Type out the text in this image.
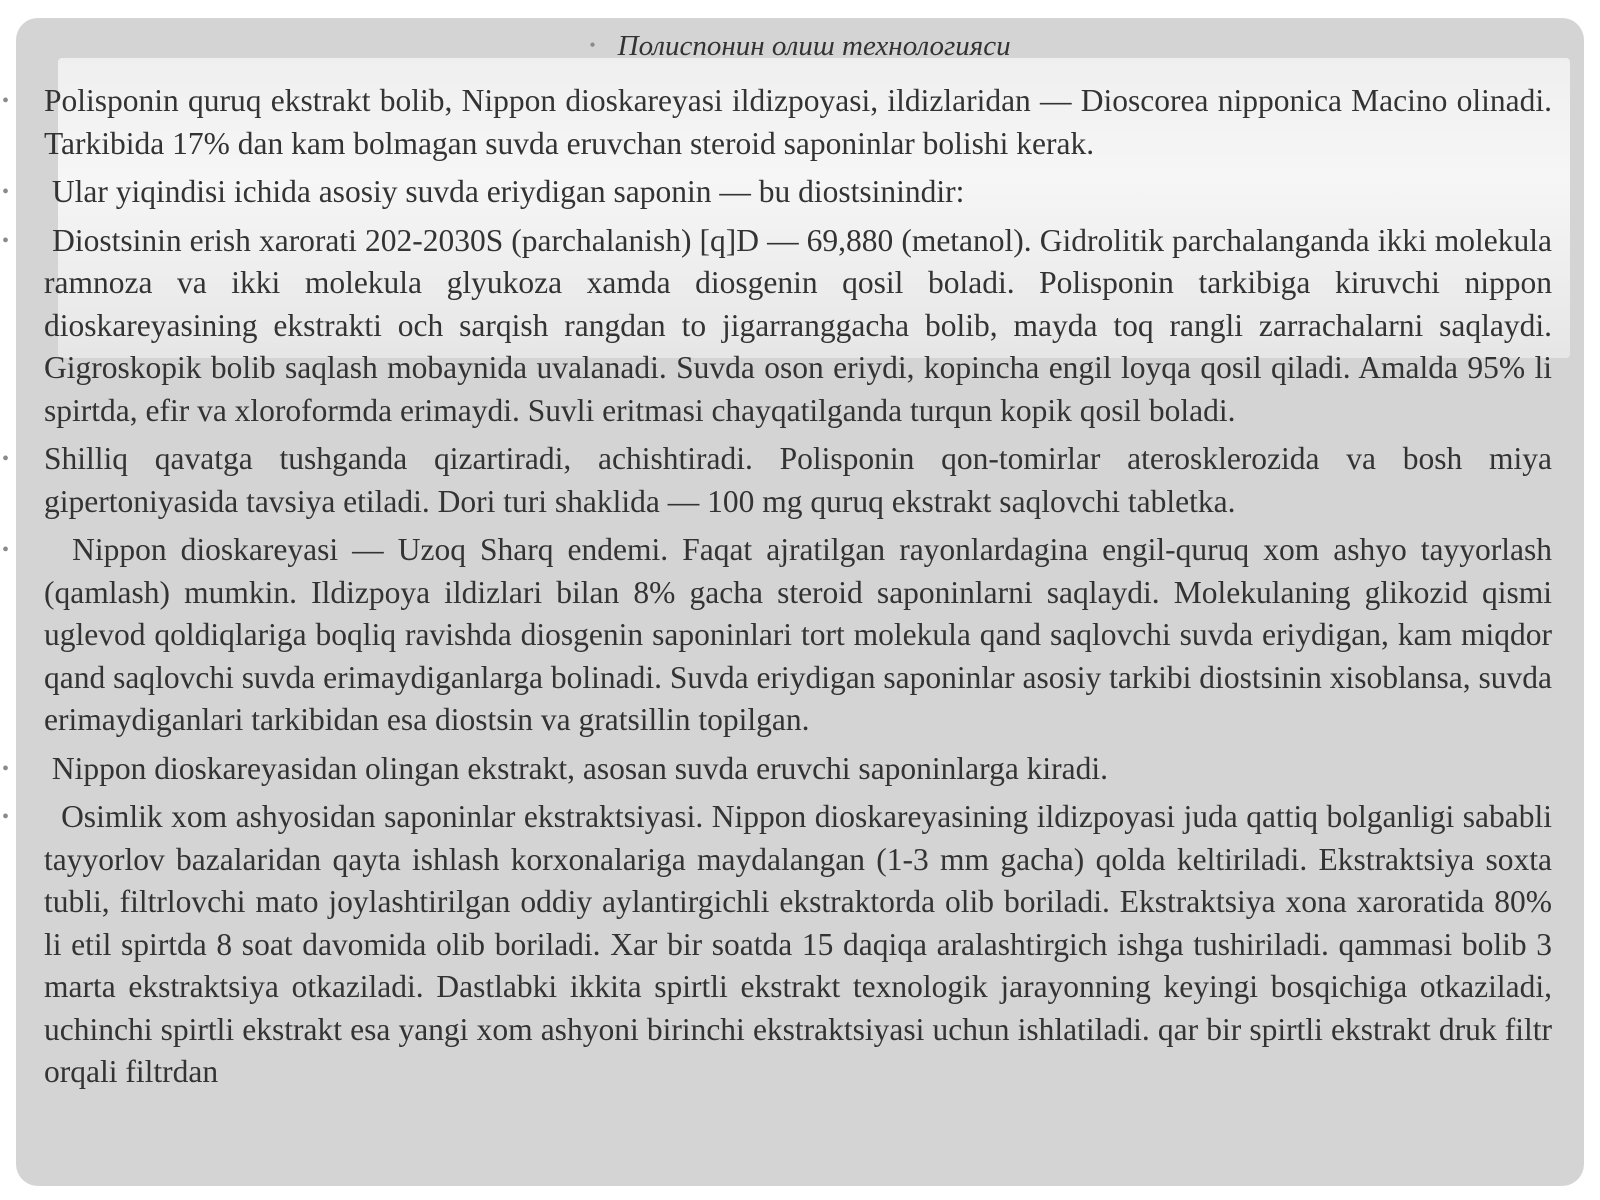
• Полиспонин олиш технологияси
• Polisponin quruq ekstrakt bolib, Nippon dioskareyasi ildizpoyasi, ildizlaridan — Dioscorea nipponica Macino olinadi. Tarkibida 17% dan kam bolmagan suvda eruvchan steroid saponinlar bolishi kerak.
• Ular yiqindisi ichida asosiy suvda eriydigan saponin — bu diostsinindir:
• Diostsinin erish xarorati 202-2030S (parchalanish) [q]D — 69,880 (metanol). Gidrolitik parchalanganda ikki molekula ramnoza va ikki molekula glyukoza xamda diosgenin qosil boladi. Polisponin tarkibiga kiruvchi nippon dioskareyasining ekstrakti och sarqish rangdan to jigarranggacha bolib, mayda toq rangli zarrachalarni saqlaydi. Gigroskopik bolib saqlash mobaynida uvalanadi. Suvda oson eriydi, kopincha engil loyqa qosil qiladi. Amalda 95% li spirtda, efir va xloroformda erimaydi. Suvli eritmasi chayqatilganda turqun kopik qosil boladi.
• Shilliq qavatga tushganda qizartiradi, achishtiradi. Polisponin qon-tomirlar aterosklerozida va bosh miya gipertoniyasida tavsiya etiladi. Dori turi shaklida — 100 mg quruq ekstrakt saqlovchi tabletka.
• Nippon dioskareyasi — Uzoq Sharq endemi. Faqat ajratilgan rayonlardagina engil-quruq xom ashyo tayyorlash (qamlash) mumkin. Ildizpoya ildizlari bilan 8% gacha steroid saponinlarni saqlaydi. Molekulaning glikozid qismi uglevod qoldiqlariga boqliq ravishda diosgenin saponinlari tort molekula qand saqlovchi suvda eriydigan, kam miqdor qand saqlovchi suvda erimaydiganlarga bolinadi. Suvda eriydigan saponinlar asosiy tarkibi diostsinin xisoblansa, suvda erimaydiganlari tarkibidan esa diostsin va gratsillin topilgan.
• Nippon dioskareyasidan olingan ekstrakt, asosan suvda eruvchi saponinlarga kiradi.
• Osimlik xom ashyosidan saponinlar ekstraktsiyasi. Nippon dioskareyasining ildizpoyasi juda qattiq bolganligi sababli tayyorlov bazalaridan qayta ishlash korxonalariga maydalangan (1-3 mm gacha) qolda keltiriladi. Ekstraktsiya soxta tubli, filtrlovchi mato joylashtirilgan oddiy aylantirgichli ekstraktorda olib boriladi. Ekstraktsiya xona xaroratida 80% li etil spirtda 8 soat davomida olib boriladi. Xar bir soatda 15 daqiqa aralashtirgich ishga tushiriladi. qammasi bolib 3 marta ekstraktsiya otkaziladi. Dastlabki ikkita spirtli ekstrakt texnologik jarayonning keyingi bosqichiga otkaziladi, uchinchi spirtli ekstrakt esa yangi xom ashyoni birinchi ekstraktsiyasi uchun ishlatiladi. qar bir spirtli ekstrakt druk filtr orqali filtrdan
